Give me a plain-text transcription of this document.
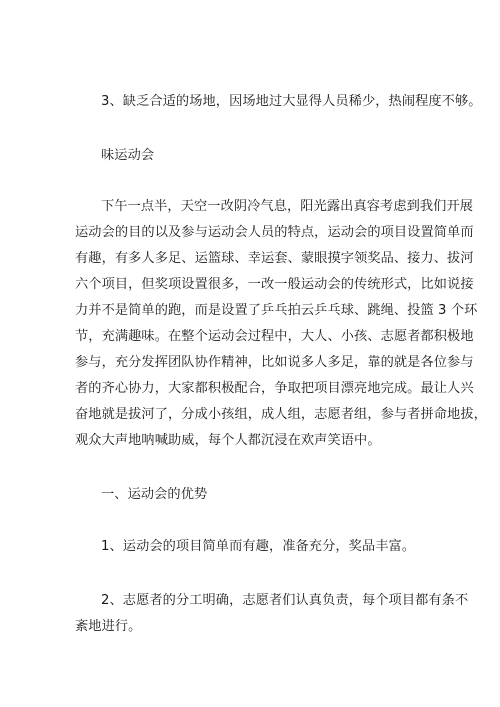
3、缺乏合适的场地，因场地过大显得人员稀少，热闹程度不够。
味运动会
下午一点半，天空一改阴冷气息，阳光露出真容考虑到我们开展
运动会的目的以及参与运动会人员的特点，运动会的项目设置简单而
有趣，有多人多足、运篮球、幸运套、蒙眼摸字领奖品、接力、拔河
六个项目，但奖项设置很多，一改一般运动会的传统形式，比如说接
力并不是简单的跑，而是设置了乒乓拍云乒乓球、跳绳、投篮 3 个环
节，充满趣味。在整个运动会过程中，大人、小孩、志愿者都积极地
参与，充分发挥团队协作精神，比如说多人多足，靠的就是各位参与
者的齐心协力，大家都积极配合，争取把项目漂亮地完成。最让人兴
奋地就是拔河了，分成小孩组，成人组，志愿者组，参与者拼命地拔，
观众大声地呐喊助威，每个人都沉浸在欢声笑语中。
一、运动会的优势
1、运动会的项目简单而有趣，准备充分，奖品丰富。
2、志愿者的分工明确，志愿者们认真负责，每个项目都有条不
紊地进行。
